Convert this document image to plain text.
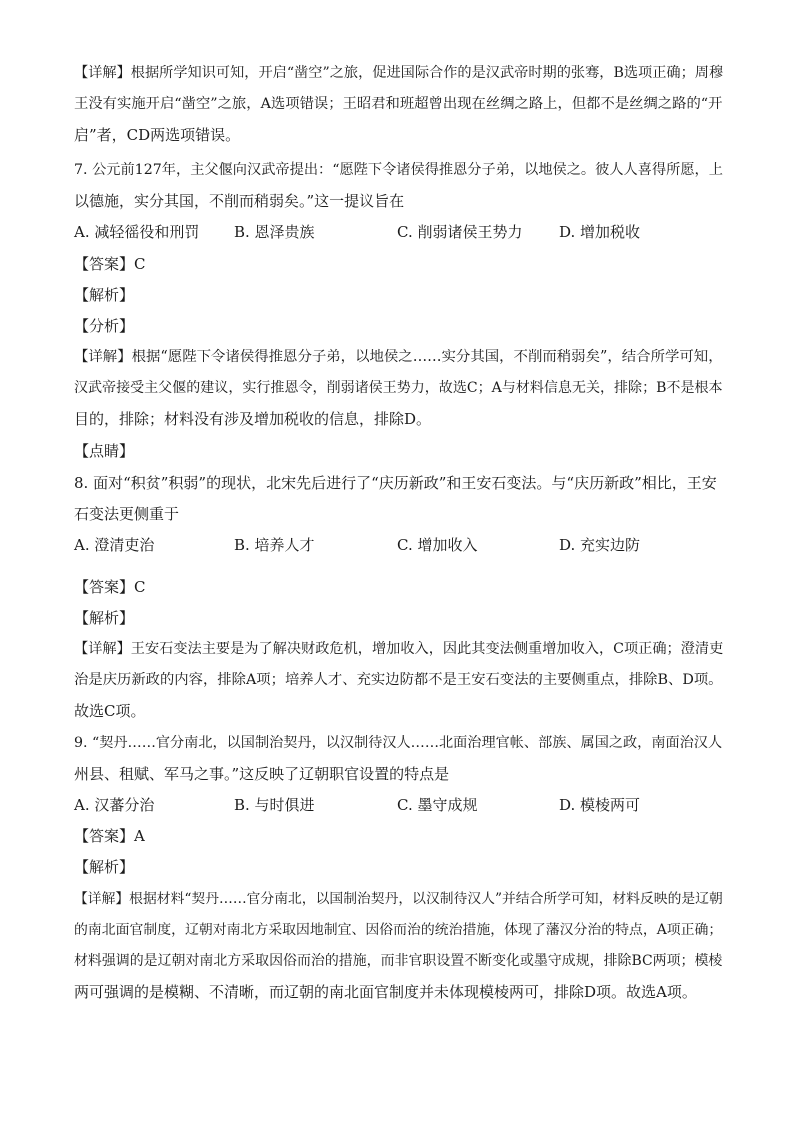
【详解】根据所学知识可知，开启“凿空”之旅，促进国际合作的是汉武帝时期的张骞，B选项正确；周穆
王没有实施开启“凿空”之旅，A选项错误；王昭君和班超曾出现在丝绸之路上，但都不是丝绸之路的“开
启”者，CD两选项错误。
7. 公元前127年，主父偃向汉武帝提出：“愿陛下令诸侯得推恩分子弟，以地侯之。彼人人喜得所愿，上
以德施，实分其国，不削而稍弱矣。”这一提议旨在
A. 减轻徭役和刑罚 B. 恩泽贵族	C. 削弱诸侯王势力 D. 增加税收
【答案】C
【解析】
【分析】
【详解】根据“愿陛下令诸侯得推恩分子弟，以地侯之……实分其国，不削而稍弱矣”，结合所学可知，
汉武帝接受主父偃的建议，实行推恩令，削弱诸侯王势力，故选C；A与材料信息无关，排除；B不是根本
目的，排除；材料没有涉及增加税收的信息，排除D。
【点睛】
8. 面对“积贫”积弱”的现状，北宋先后进行了“庆历新政”和王安石变法。与“庆历新政”相比，王安
石变法更侧重于
A. 澄清吏治	B. 培养人才	C. 增加收入	D. 充实边防
【答案】C
【解析】
【详解】王安石变法主要是为了解决财政危机，增加收入，因此其变法侧重增加收入，C项正确；澄清吏
治是庆历新政的内容，排除A项；培养人才、充实边防都不是王安石变法的主要侧重点，排除B、D项。
故选C项。
9. “契丹……官分南北，以国制治契丹，以汉制待汉人……北面治理官帐、部族、属国之政，南面治汉人
州县、租赋、军马之事。”这反映了辽朝职官设置的特点是
A. 汉蕃分治	B. 与时俱进	C. 墨守成规	D. 模棱两可
【答案】A
【解析】
【详解】根据材料“契丹……官分南北，以国制治契丹，以汉制待汉人”并结合所学可知，材料反映的是辽朝
的南北面官制度，辽朝对南北方采取因地制宜、因俗而治的统治措施，体现了藩汉分治的特点，A项正确；
材料强调的是辽朝对南北方采取因俗而治的措施，而非官职设置不断变化或墨守成规，排除BC两项；模棱
两可强调的是模糊、不清晰，而辽朝的南北面官制度并未体现模棱两可，排除D项。故选A项。
